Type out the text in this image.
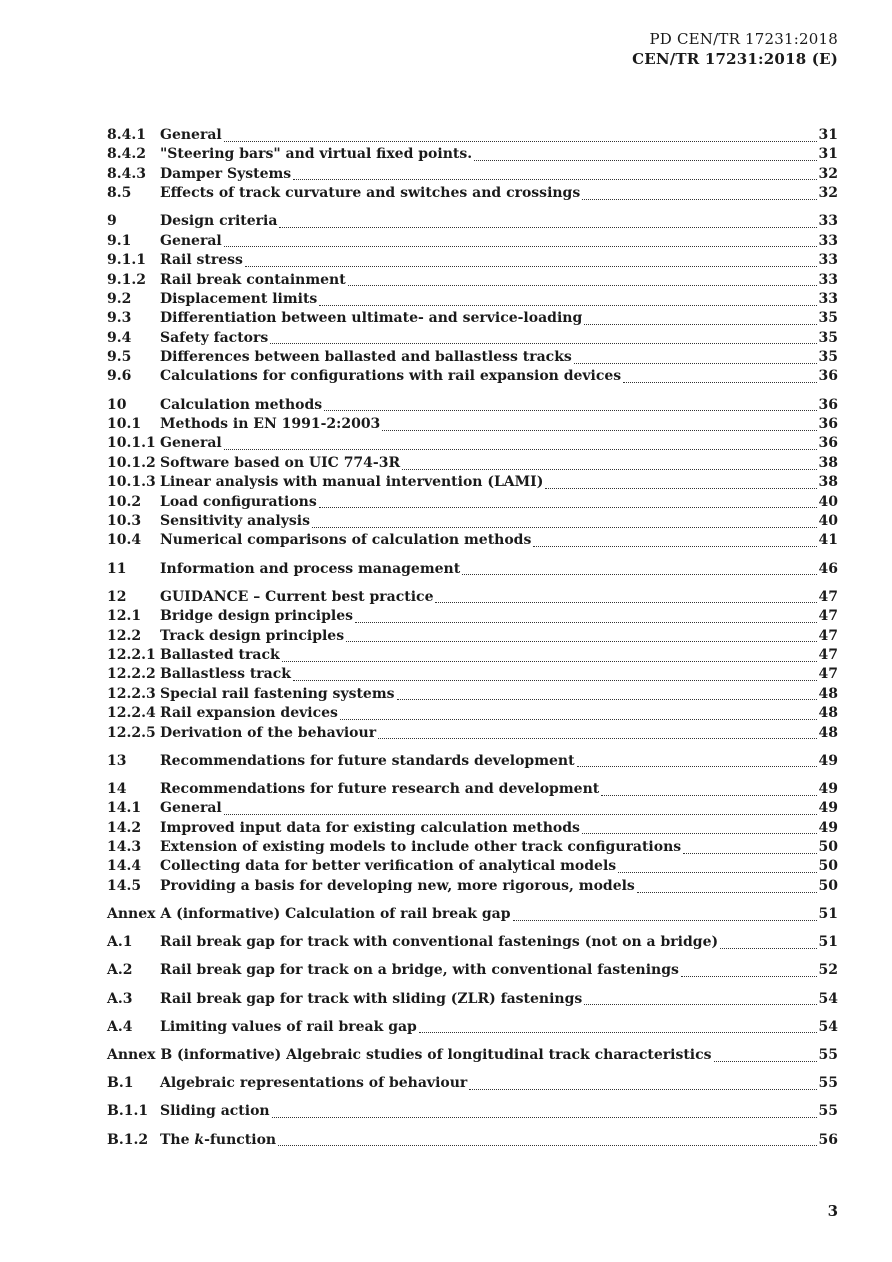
PD CEN/TR 17231:2018
CEN/TR 17231:2018 (E)
8.4.1	General	31
8.4.2	"Steering bars" and virtual fixed points.	31
8.4.3	Damper Systems	32
8.5	Effects of track curvature and switches and crossings	32
9	Design criteria	33
9.1	General	33
9.1.1	Rail stress	33
9.1.2	Rail break containment	33
9.2	Displacement limits	33
9.3	Differentiation between ultimate- and service-loading	35
9.4	Safety factors	35
9.5	Differences between ballasted and ballastless tracks	35
9.6	Calculations for configurations with rail expansion devices	36
10	Calculation methods	36
10.1	Methods in EN 1991-2:2003	36
10.1.1 General	36
10.1.2 Software based on UIC 774-3R	38
10.1.3 Linear analysis with manual intervention (LAMI)	38
10.2	Load configurations	40
10.3	Sensitivity analysis	40
10.4	Numerical comparisons of calculation methods	41
11	Information and process management	46
12	GUIDANCE – Current best practice	47
12.1	Bridge design principles	47
12.2	Track design principles	47
12.2.1 Ballasted track	47
12.2.2 Ballastless track	47
12.2.3 Special rail fastening systems	48
12.2.4 Rail expansion devices	48
12.2.5 Derivation of the behaviour	48
13	Recommendations for future standards development	49
14	Recommendations for future research and development	49
14.1	General	49
14.2	Improved input data for existing calculation methods	49
14.3	Extension of existing models to include other track configurations	50
14.4	Collecting data for better verification of analytical models	50
14.5	Providing a basis for developing new, more rigorous, models	50
Annex A (informative) Calculation of rail break gap	51
A.1	Rail break gap for track with conventional fastenings (not on a bridge)	51
A.2	Rail break gap for track on a bridge, with conventional fastenings	52
A.3	Rail break gap for track with sliding (ZLR) fastenings	54
A.4	Limiting values of rail break gap	54
Annex B (informative) Algebraic studies of longitudinal track characteristics	55
B.1	Algebraic representations of behaviour	55
B.1.1 Sliding action	55
B.1.2 The k-function	56
3
